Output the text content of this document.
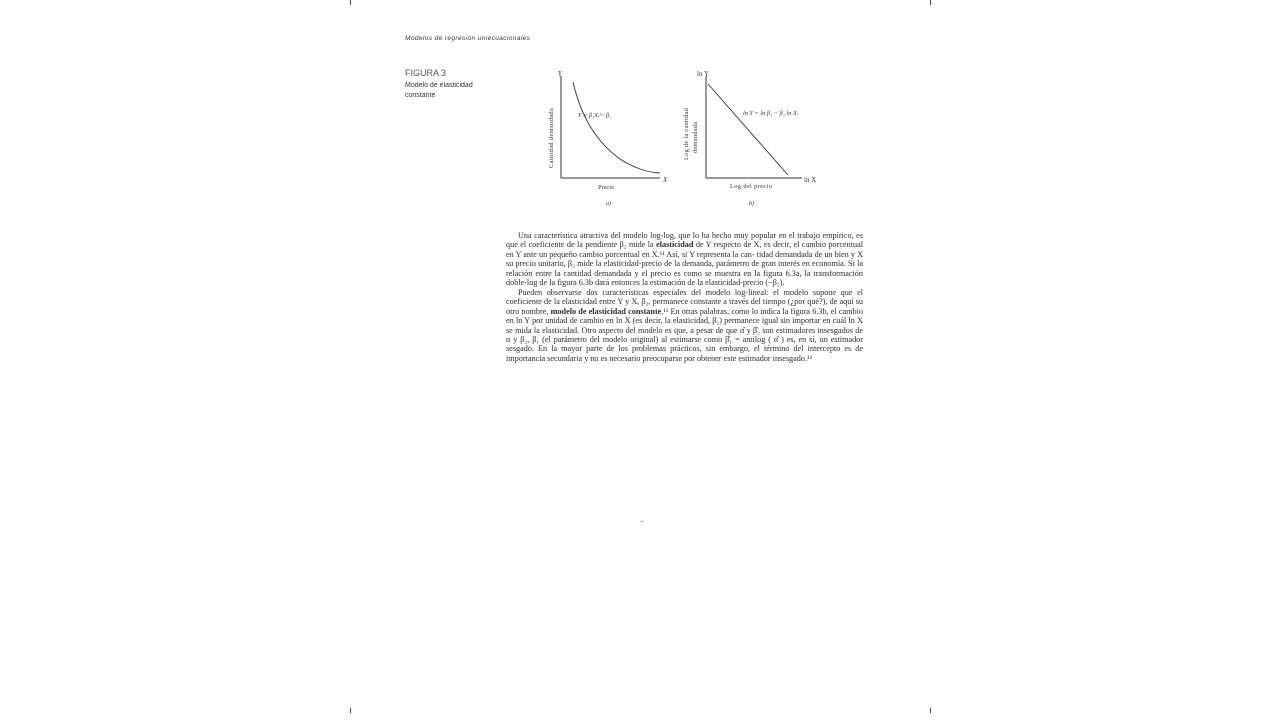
Modelos de regresión uniecuacionales
FIGURA 3
Modelo de elasticidad constante
Y
X
Cantidad demandada
Precio
Y = β₁Xᵢ^−β₂
a)
ln Y
ln X
Log de la cantidad demandada
Log del precio
ln Y = ln β₁ − β₂ ln Xᵢ
b)

Una característica atractiva del modelo log-log, que lo ha hecho muy popular en el trabajo empírico, es que el coeficiente de la pendiente β₂ mide la elasticidad de Y respecto de X, es decir, el cambio porcentual en Y ante un pequeño cambio porcentual en X.¹¹ Así, si Y representa la can- tidad demandada de un bien y X su precio unitario, β₂ mide la elasticidad-precio de la demanda, parámetro de gran interés en economía. Si la relación entre la cantidad demandada y el precio es como se muestra en la figura 6.3a, la transformación doble-log de la figura 6.3b dará entonces la estimación de la elasticidad-precio (−β₂).

Pueden observarse dos características especiales del modelo log-lineal: el modelo supone que el coeficiente de la elasticidad entre Y y X, β₂, permanece constante a través del tiempo (¿por qué?), de aquí su otro nombre, modelo de elasticidad constante.¹¹ En otras palabras, como lo indica la figura 6.3b, el cambio en ln Y por unidad de cambio en ln X (es decir, la elasticidad, β₂) permanece igual sin importar en cuál ln X se mida la elasticidad. Otro aspecto del modelo es que, a pesar de que α̂ y β̂₂ son estimadores insesgados de α y β₂, β₁ (el parámetro del modelo original) al estimarse como β̂₁ = antilog ( α̂ ) es, en sí, un estimador sesgado. En la mayor parte de los problemas prácticos, sin embargo, el término del intercepto es de importancia secundaria y no es necesario preocuparse por obtener este estimador insesgado.¹²
